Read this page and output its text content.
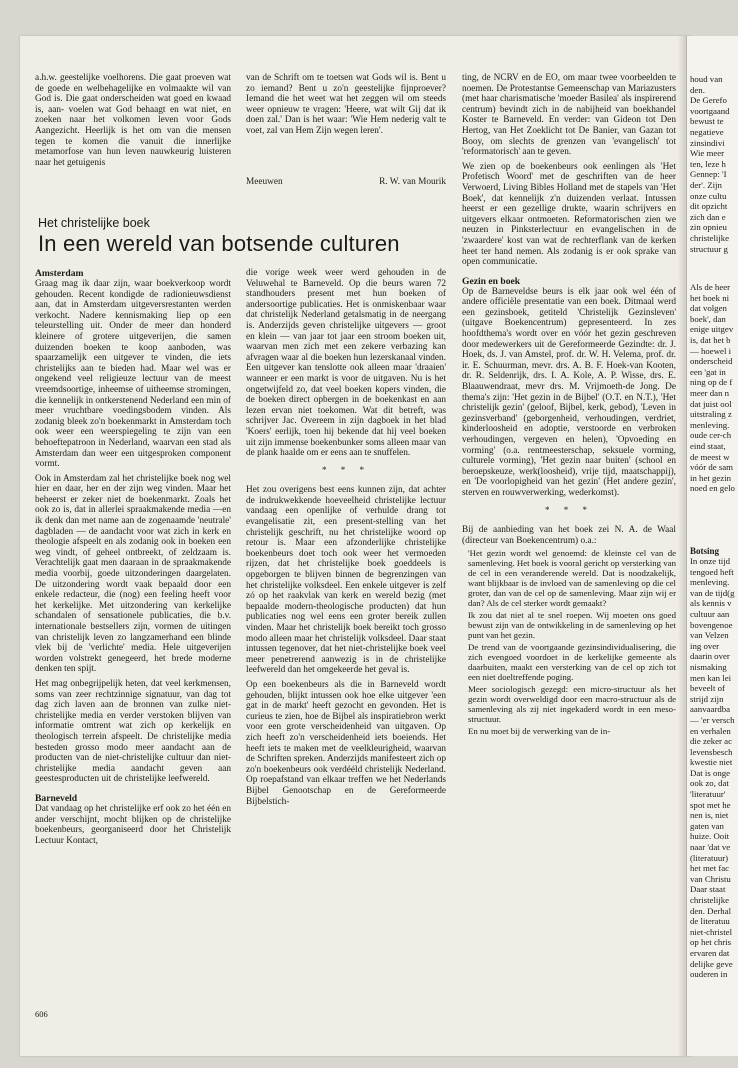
a.h.w. geestelijke voelhorens. Die gaat proeven wat de goede en welbehagelijke en volmaakte wil van God is. Die gaat onderscheiden wat goed en kwaad is, aan- voelen wat God behaagt en wat niet, en zoeken naar het volkomen leven voor Gods Aangezicht. Heerlijk is het om van die mensen tegen te komen die vanuit die innerlijke metamorfose van hun leven nauwkeurig luisteren naar het getuigenis

van de Schrift om te toetsen wat Gods wil is. Bent u zo iemand? Bent u zo'n geestelijke fijnproever? Iemand die het weet wat het zeggen wil om steeds weer opnieuw te vragen: 'Heere, wat wilt Gij dat ik doen zal.' Dan is het waar: 'Wie Hem nederig valt te voet, zal van Hem Zijn wegen leren'.

Meeuwen	R. W. van Mourik
Amsterdam

Graag mag ik daar zijn, waar boekverkoop wordt gehouden. Recent kondigde de radionieuwsdienst aan, dat in Amsterdam uitgeversrestanten werden verkocht. Nadere kennismaking liep op een teleurstelling uit. Onder de meer dan honderd kleinere of grotere uitgeverijen, die samen duizenden boeken te koop aanboden, was spaarzamelijk een uitgever te vinden, die iets christelijks aan te bieden had. Maar wel was er ongekend veel religieuze lectuur van de meest vreemdsoortige, inheemse of uitheemse stromingen, die kennelijk in ontkerstenend Nederland een min of meer vruchtbare voedingsbodem vinden. Als zodanig bleek zo'n boekenmarkt in Amsterdam toch ook weer een weerspiegeling te zijn van een behoeftepatroon in Nederland, waarvan een stad als Amsterdam dan weer een uitgesproken component vormt.

Ook in Amsterdam zal het christelijke boek nog wel hier en daar, her en der zijn weg vinden. Maar het beheerst er zeker niet de boekenmarkt. Zoals het ook zo is, dat in allerlei spraakmakende media —en ik denk dan met name aan de zogenaamde 'neutrale' dagbladen — de aandacht voor wat zich in kerk en theologie afspeelt en als zodanig ook in boeken een weg vindt, of geheel ontbreekt, of zeldzaam is. Verachtelijk gaat men daaraan in de spraakmakende media voorbij, goede uitzonderingen daargelaten. De uitzondering wordt vaak bepaald door een enkele redacteur, die (nog) een feeling heeft voor het kerkelijke. Met uitzondering van kerkelijke schandalen of sensationele publicaties, die b.v. internationale bestsellers zijn, vormen de uitingen van christelijk leven zo langzamerhand een blinde vlek bij de 'verlichte' media. Hele uitgeverijen worden volstrekt genegeerd, het brede moderne denken ten spijt.

Het mag onbegrijpelijk heten, dat veel kerkmensen, soms van zeer rechtzinnige signatuur, van dag tot dag zich laven aan de bronnen van zulke niet-christelijke media en verder verstoken blijven van informatie omtrent wat zich op kerkelijk en theologisch terrein afspeelt. De christelijke media besteden grosso modo meer aandacht aan de producten van de niet-christelijke cultuur dan niet-christelijke media aandacht geven aan geestesproducten uit de christelijke leefwereld.

Barneveld

Dat vandaag op het christelijke erf ook zo het één en ander verschijnt, mocht blijken op de christelijke boekenbeurs, georganiseerd door het Christelijk Lectuur Kontact,

die vorige week weer werd gehouden in de Veluwehal te Barneveld. Op die beurs waren 72 standhouders present met hun boeken of andersoortige publicaties. Het is onmiskenbaar waar dat christelijk Nederland getalsmatig in de neergang is. Anderzijds geven christelijke uitgevers — groot en klein — van jaar tot jaar een stroom boeken uit, waarvan men zich met een zekere verbazing kan afvragen waar al die boeken hun lezerskanaal vinden. Een uitgever kan tenslotte ook alleen maar 'draaien' wanneer er een markt is voor de uitgaven. Nu is het ongetwijfeld zo, dat veel boeken kopers vinden, die de boeken direct opbergen in de boekenkast en aan lezen ervan niet toekomen. Wat dit betreft, was schrijver Jac. Overeem in zijn dagboek in het blad 'Koers' eerlijk, toen hij bekende dat hij veel boeken uit zijn immense boekenbunker soms alleen maar van de plank haalde om er eens aan te snuffelen.

* * *

Het zou overigens best eens kunnen zijn, dat achter de indrukwekkende hoeveelheid christelijke lectuur vandaag een openlijke of verhulde drang tot evangelisatie zit, een present-stelling van het christelijk geschrift, nu het christelijke woord op retour is. Maar een afzonderlijke christelijke boekenbeurs doet toch ook weer het vermoeden rijzen, dat het christelijke boek goeddeels is opgeborgen te blijven binnen de begrenzingen van het christelijke volksdeel. Een enkele uitgever is zelf zó op het raakvlak van kerk en wereld bezig (met bepaalde modern-theologische producten) dat hun publicaties nog wel eens een groter bereik zullen vinden. Maar het christelijk boek bereikt toch grosso modo alleen maar het christelijk volksdeel. Daar staat intussen tegenover, dat het niet-christelijke boek veel meer penetrerend aanwezig is in de christelijke leefwereld dan het omgekeerde het geval is.

Op een boekenbeurs als die in Barneveld wordt gehouden, blijkt intussen ook hoe elke uitgever 'een gat in de markt' heeft gezocht en gevonden. Het is curieus te zien, hoe de Bijbel als inspiratiebron werkt voor een grote verscheidenheid van uitgaven. Op zich heeft zo'n verscheidenheid iets boeiends. Het heeft iets te maken met de veelkleurigheid, waarvan de Schriften spreken. Anderzijds manifesteert zich op zo'n boekenbeurs ook verdééld christelijk Nederland. Op roepafstand van elkaar treffen we het Nederlands Bijbel Genootschap en de Gereformeerde Bijbelstich-

ting, de NCRV en de EO, om maar twee voorbeelden te noemen. De Protestantse Gemeenschap van Mariazusters (met haar charismatische 'moeder Basilea' als inspirerend centrum) bevindt zich in de nabijheid van boekhandel Koster te Barneveld. En verder: van Gideon tot Den Hertog, van Het Zoeklicht tot De Banier, van Gazan tot Booy, om slechts de grenzen van 'evangelisch' tot 'reformatorisch' aan te geven.

We zien op de boekenbeurs ook eenlingen als 'Het Profetisch Woord' met de geschriften van de heer Verwoerd, Living Bibles Holland met de stapels van 'Het Boek', dat kennelijk z'n duizenden verlaat. Intussen heerst er een gezellige drukte, waarin schrijvers en uitgevers elkaar ontmoeten. Reformatorischen zien we neuzen in Pinksterlectuur en evangelischen in de 'zwaardere' kost van wat de rechterflank van de kerken heet ter hand nemen. Als zodanig is er ook sprake van open communicatie.

Gezin en boek

Op de Barneveldse beurs is elk jaar ook wel één of andere officiële presentatie van een boek. Ditmaal werd een gezinsboek, getiteld 'Christelijk Gezinsleven' (uitgave Boekencentrum) gepresenteerd. In zes hoofdthema's wordt over en vóór het gezin geschreven door medewerkers uit de Gereformeerde Gezindte: dr. J. Hoek, ds. J. van Amstel, prof. dr. W. H. Velema, prof. dr. ir. E. Schuurman, mevr. drs. A. B. F. Hoek-van Kooten, dr. R. Seldenrijk, drs. I. A. Kole, A. P. Wisse, drs. E. Blaauwendraat, mevr drs. M. Vrijmoeth-de Jong. De thema's zijn: 'Het gezin in de Bijbel' (O.T. en N.T.), 'Het christelijk gezin' (geloof, Bijbel, kerk, gebod), 'Leven in gezinsverband' (geborgenheid, verhoudingen, verdriet, kinderloosheid en adoptie, verstoorde en verbroken verhoudingen, vergeven en helen), 'Opvoeding en vorming' (o.a. rentmeesterschap, seksuele vorming, culturele vorming), 'Het gezin naar buiten' (school en beroepskeuze, werk(loosheid), vrije tijd, maatschappij), en 'De voorlopigheid van het gezin' (Het andere gezin', sterven en rouwverwerking, wederkomst).

* * *

Bij de aanbieding van het boek zei N. A. de Waal (directeur van Boekencentrum) o.a.:

'Het gezin wordt wel genoemd: de kleinste cel van de samenleving. Het boek is vooral gericht op versterking van de cel in een veranderende wereld. Dat is noodzakelijk, want blijkbaar is de invloed van de samenleving op die cel groter, dan van de cel op de samenleving. Maar zijn wij er dan? Als de cel sterker wordt gemaakt?

Ik zou dat niet al te snel roepen. Wij moeten ons goed bewust zijn van de ontwikkeling in de samenleving op het punt van het gezin.

De trend van de voortgaande gezinsindividualisering, die zich evengoed voordoet in de kerkelijke gemeente als daarbuiten, maakt een versterking van de cel op zich tot een niet doeltreffende poging.

Meer sociologisch gezegd: een micro-structuur als het gezin wordt overweldigd door een macro-structuur als de samenleving als zij niet ingekaderd wordt in een meso-structuur.

En nu moet bij de verwerking van de in-

606
Het christelijke boek
In een wereld van botsende culturen

houd van

den.

De Gerefo

voortgaand

bewust te

negatieve

zinsindivi

Wie meer

ten, leze h

Gennep: 'I

der'. Zijn

onze cultu

dit opzicht

zich dan e

zin opnieu

christelijke

structuur g

Als de heer

het boek ni

dat volgen

boek', dan

enige uitgev

is, dat het b

— hoewel i

onderscheid

een 'gat in

ning op de f

meer dan n

dat juist ool

uitstraling z

menleving.

oude cer-ch

eind staat,

de meest w

vóór de sam

in het gezin

noed en gelo

Botsing

In onze tijd

tengoed heft

menleving.

van de tijd(g

als kennis v

cultuur aan

bovengenoe

van Velzen

ing over

daarin over

nismaking

men kan lei

beveelt of

strijd zijn

aanvaardba

— 'er versch

en verhalen

die zeker ac

levensbesch

kwestie niet

Dat is onge

ook zo, dat

'literatuur'

spot met he

nen is, niet

gaten van

huize. Ooit

naar 'dat ve

(literatuur)

het met fac

van Christu

Daar staat

christelijke

den. Derhal

de literatuu

niet-christel

op het chris

ervaren dat

delijke geve

ouderen in
